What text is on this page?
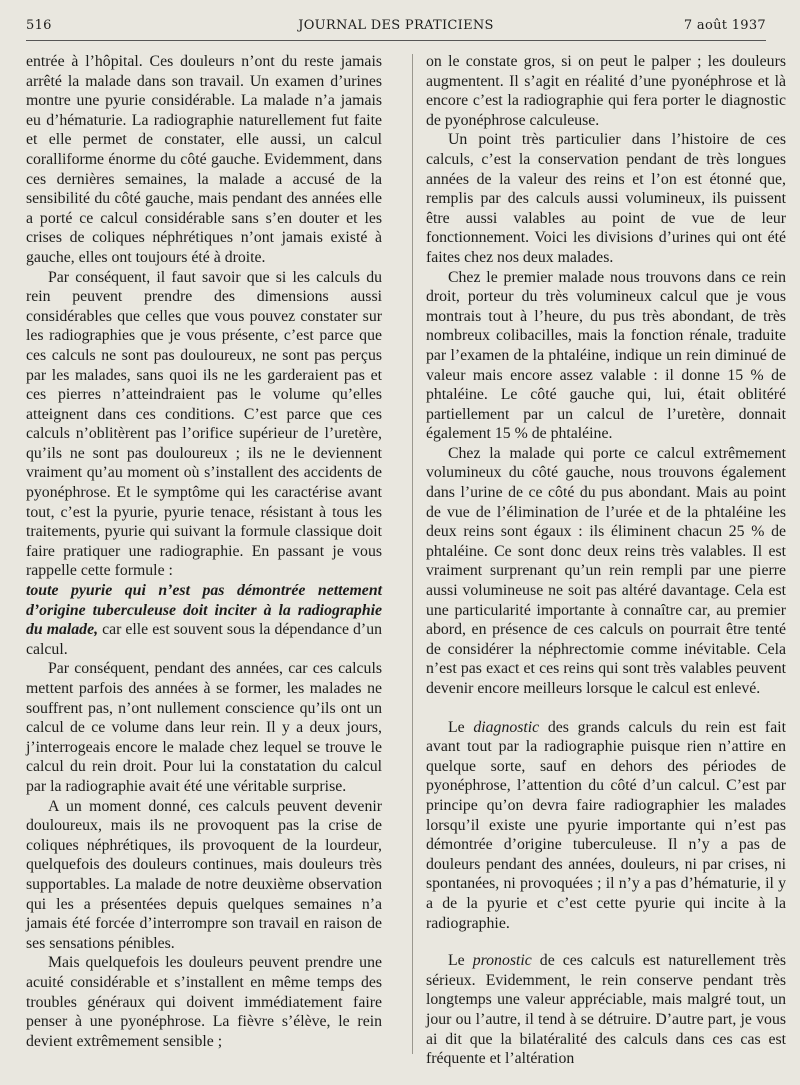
516	JOURNAL DES PRATICIENS	7 août 1937

entrée à l’hôpital. Ces douleurs n’ont du reste jamais arrêté la malade dans son travail. Un examen d’urines montre une pyurie considérable. La malade n’a jamais eu d’hématurie. La radiographie naturellement fut faite et elle permet de constater, elle aussi, un calcul coralliforme énorme du côté gauche. Evidemment, dans ces dernières semaines, la malade a accusé de la sensibilité du côté gauche, mais pendant des années elle a porté ce calcul considérable sans s’en douter et les crises de coliques néphrétiques n’ont jamais existé à gauche, elles ont toujours été à droite.

Par conséquent, il faut savoir que si les calculs du rein peuvent prendre des dimensions aussi considérables que celles que vous pouvez constater sur les radiographies que je vous présente, c’est parce que ces calculs ne sont pas douloureux, ne sont pas perçus par les malades, sans quoi ils ne les garderaient pas et ces pierres n’atteindraient pas le volume qu’elles atteignent dans ces conditions. C’est parce que ces calculs n’oblitèrent pas l’orifice supérieur de l’uretère, qu’ils ne sont pas douloureux ; ils ne le deviennent vraiment qu’au moment où s’installent des accidents de pyonéphrose. Et le symptôme qui les caractérise avant tout, c’est la pyurie, pyurie tenace, résistant à tous les traitements, pyurie qui suivant la formule classique doit faire pratiquer une radiographie. En passant je vous rappelle cette formule :

toute pyurie qui n’est pas démontrée nettement d’origine tuberculeuse doit inciter à la radiographie du malade, car elle est souvent sous la dépendance d’un calcul.

Par conséquent, pendant des années, car ces calculs mettent parfois des années à se former, les malades ne souffrent pas, n’ont nullement conscience qu’ils ont un calcul de ce volume dans leur rein. Il y a deux jours, j’interrogeais encore le malade chez lequel se trouve le calcul du rein droit. Pour lui la constatation du calcul par la radiographie avait été une véritable surprise.

A un moment donné, ces calculs peuvent devenir douloureux, mais ils ne provoquent pas la crise de coliques néphrétiques, ils provoquent de la lourdeur, quelquefois des douleurs continues, mais douleurs très supportables. La malade de notre deuxième observation qui les a présentées depuis quelques semaines n’a jamais été forcée d’interrompre son travail en raison de ses sensations pénibles.

Mais quelquefois les douleurs peuvent prendre une acuité considérable et s’installent en même temps des troubles généraux qui doivent immédiatement faire penser à une pyonéphrose. La fièvre s’élève, le rein devient extrêmement sensible ;

on le constate gros, si on peut le palper ; les douleurs augmentent. Il s’agit en réalité d’une pyonéphrose et là encore c’est la radiographie qui fera porter le diagnostic de pyonéphrose calculeuse.

Un point très particulier dans l’histoire de ces calculs, c’est la conservation pendant de très longues années de la valeur des reins et l’on est étonné que, remplis par des calculs aussi volumineux, ils puissent être aussi valables au point de vue de leur fonctionnement. Voici les divisions d’urines qui ont été faites chez nos deux malades.

Chez le premier malade nous trouvons dans ce rein droit, porteur du très volumineux calcul que je vous montrais tout à l’heure, du pus très abondant, de très nombreux colibacilles, mais la fonction rénale, traduite par l’examen de la phtaléine, indique un rein diminué de valeur mais encore assez valable : il donne 15 % de phtaléine. Le côté gauche qui, lui, était oblitéré partiellement par un calcul de l’uretère, donnait également 15 % de phtaléine.

Chez la malade qui porte ce calcul extrêmement volumineux du côté gauche, nous trouvons également dans l’urine de ce côté du pus abondant. Mais au point de vue de l’élimination de l’urée et de la phtaléine les deux reins sont égaux : ils éliminent chacun 25 % de phtaléine. Ce sont donc deux reins très valables. Il est vraiment surprenant qu’un rein rempli par une pierre aussi volumineuse ne soit pas altéré davantage. Cela est une particularité importante à connaître car, au premier abord, en présence de ces calculs on pourrait être tenté de considérer la néphrectomie comme inévitable. Cela n’est pas exact et ces reins qui sont très valables peuvent devenir encore meilleurs lorsque le calcul est enlevé.

Le diagnostic des grands calculs du rein est fait avant tout par la radiographie puisque rien n’attire en quelque sorte, sauf en dehors des périodes de pyonéphrose, l’attention du côté d’un calcul. C’est par principe qu’on devra faire radiographier les malades lorsqu’il existe une pyurie importante qui n’est pas démontrée d’origine tuberculeuse. Il n’y a pas de douleurs pendant des années, douleurs, ni par crises, ni spontanées, ni provoquées ; il n’y a pas d’hématurie, il y a de la pyurie et c’est cette pyurie qui incite à la radiographie.

Le pronostic de ces calculs est naturellement très sérieux. Evidemment, le rein conserve pendant très longtemps une valeur appréciable, mais malgré tout, un jour ou l’autre, il tend à se détruire. D’autre part, je vous ai dit que la bilatéralité des calculs dans ces cas est fréquente et l’altération
